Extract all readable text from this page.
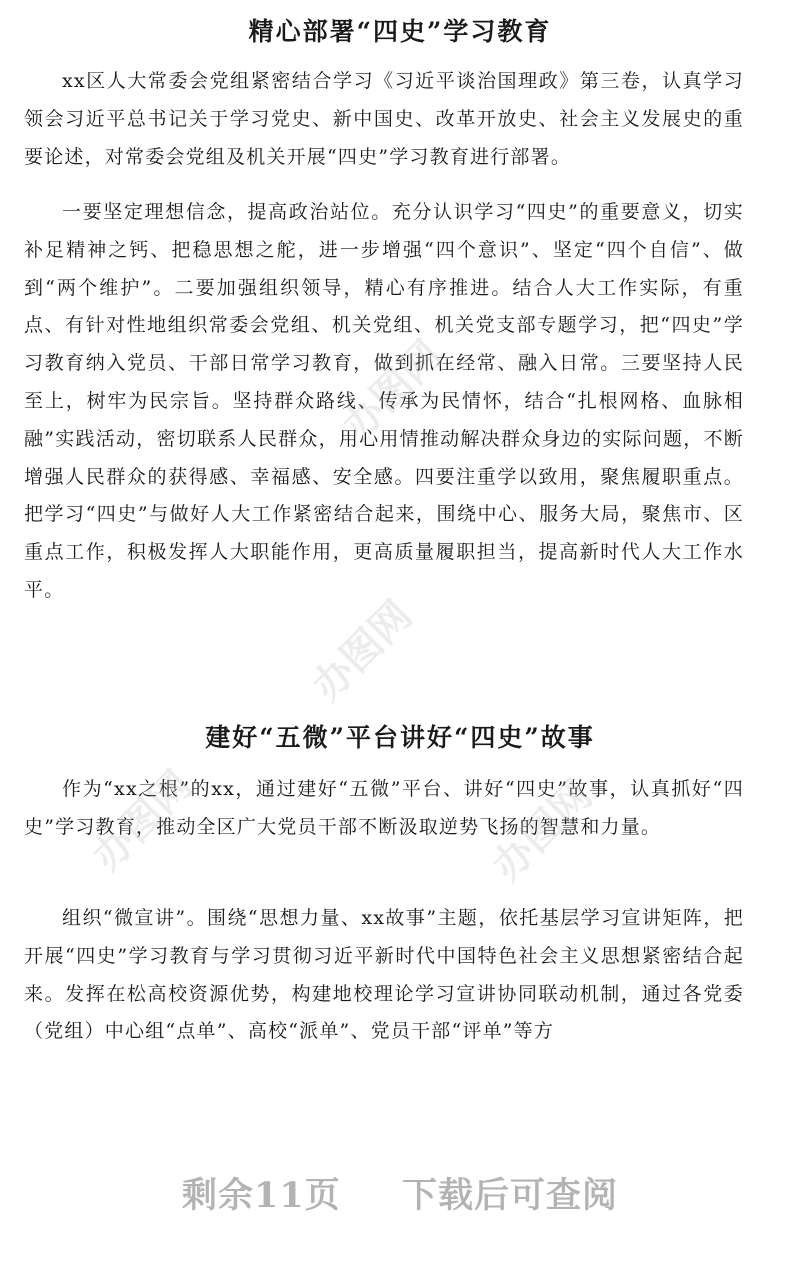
精心部署“四史”学习教育

xx区人大常委会党组紧密结合学习《习近平谈治国理政》第三卷，认真学习领会习近平总书记关于学习党史、新中国史、改革开放史、社会主义发展史的重要论述，对常委会党组及机关开展“四史”学习教育进行部署。

一要坚定理想信念，提高政治站位。充分认识学习“四史”的重要意义，切实补足精神之钙、把稳思想之舵，进一步增强“四个意识”、坚定“四个自信”、做到“两个维护”。二要加强组织领导，精心有序推进。结合人大工作实际，有重点、有针对性地组织常委会党组、机关党组、机关党支部专题学习，把“四史”学习教育纳入党员、干部日常学习教育，做到抓在经常、融入日常。三要坚持人民至上，树牢为民宗旨。坚持群众路线、传承为民情怀，结合“扎根网格、血脉相融”实践活动，密切联系人民群众，用心用情推动解决群众身边的实际问题，不断增强人民群众的获得感、幸福感、安全感。四要注重学以致用，聚焦履职重点。把学习“四史”与做好人大工作紧密结合起来，围绕中心、服务大局，聚焦市、区重点工作，积极发挥人大职能作用，更高质量履职担当，提高新时代人大工作水平。

建好“五微”平台讲好“四史”故事

作为“xx之根”的xx，通过建好“五微”平台、讲好“四史”故事，认真抓好“四史”学习教育，推动全区广大党员干部不断汲取逆势飞扬的智慧和力量。

组织“微宣讲”。围绕“思想力量、xx故事”主题，依托基层学习宣讲矩阵，把开展“四史”学习教育与学习贯彻习近平新时代中国特色社会主义思想紧密结合起来。发挥在松高校资源优势，构建地校理论学习宣讲协同联动机制，通过各党委（党组）中心组“点单”、高校“派单”、党员干部“评单”等方

办图网
办图网
办图网
办图网
剩余11页 下载后可查阅
